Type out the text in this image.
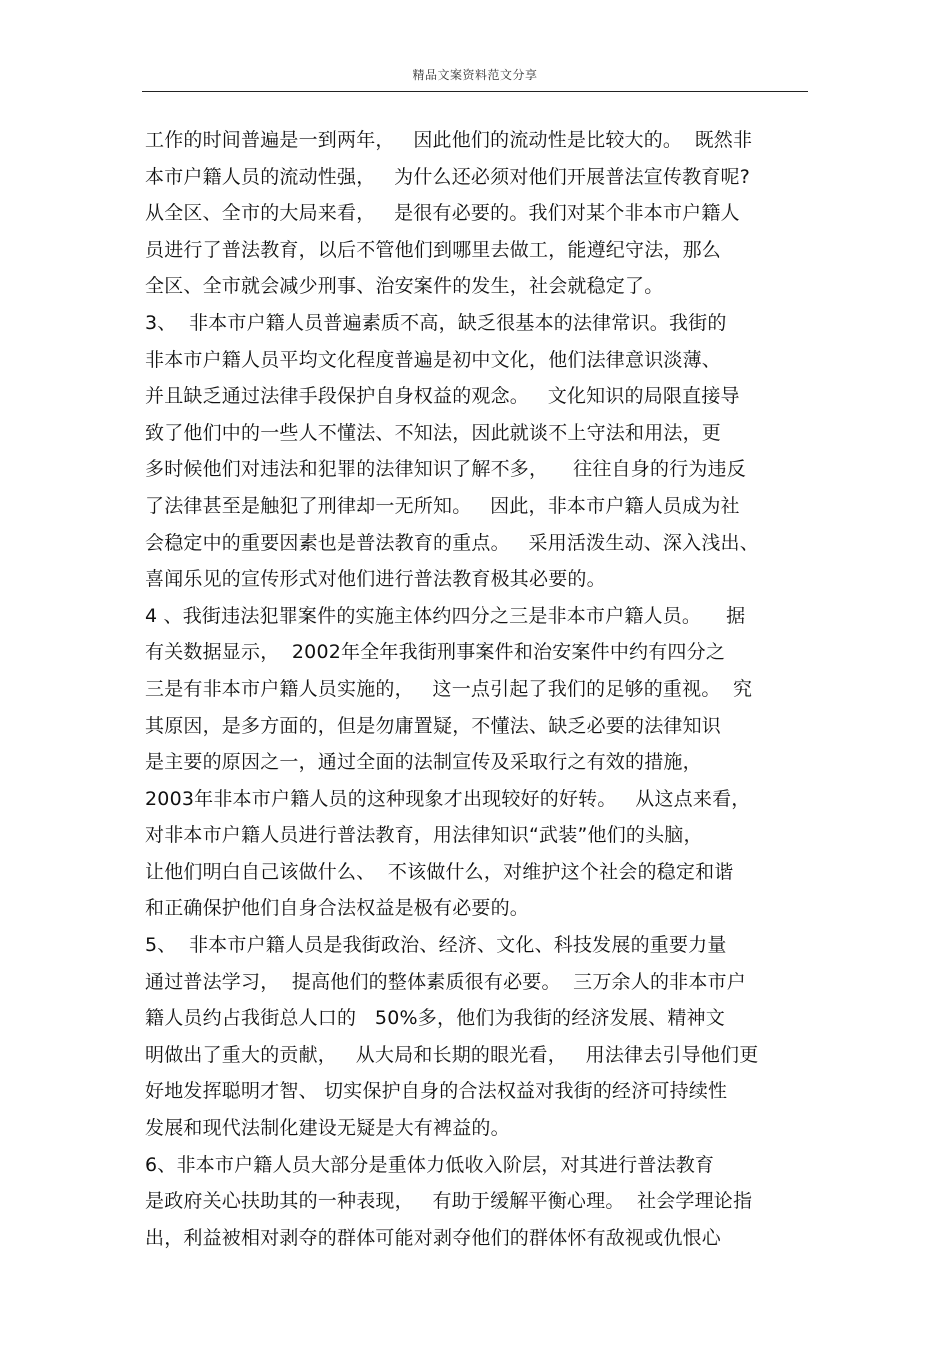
精品文案资料范文分享
工作的时间普遍是一到两年，   因此他们的流动性是比较大的。  既然非
本市户籍人员的流动性强，   为什么还必须对他们开展普法宣传教育呢?
从全区、全市的大局来看，   是很有必要的。我们对某个非本市户籍人
员进行了普法教育，以后不管他们到哪里去做工，能遵纪守法，那么
全区、全市就会减少刑事、治安案件的发生，社会就稳定了。
3、  非本市户籍人员普遍素质不高，缺乏很基本的法律常识。我街的
非本市户籍人员平均文化程度普遍是初中文化，他们法律意识淡薄、
并且缺乏通过法律手段保护自身权益的观念。   文化知识的局限直接导
致了他们中的一些人不懂法、不知法，因此就谈不上守法和用法，更
多时候他们对违法和犯罪的法律知识了解不多，    往往自身的行为违反
了法律甚至是触犯了刑律却一无所知。   因此，非本市户籍人员成为社
会稳定中的重要因素也是普法教育的重点。   采用活泼生动、深入浅出、
喜闻乐见的宣传形式对他们进行普法教育极其必要的。
4 、我街违法犯罪案件的实施主体约四分之三是非本市户籍人员。    据
有关数据显示，  2002年全年我街刑事案件和治安案件中约有四分之
三是有非本市户籍人员实施的，   这一点引起了我们的足够的重视。  究
其原因，是多方面的，但是勿庸置疑，不懂法、缺乏必要的法律知识
是主要的原因之一，通过全面的法制宣传及采取行之有效的措施，
2003年非本市户籍人员的这种现象才出现较好的好转。   从这点来看，
对非本市户籍人员进行普法教育，用法律知识“武装”他们的头脑，
让他们明白自己该做什么、  不该做什么，对维护这个社会的稳定和谐
和正确保护他们自身合法权益是极有必要的。
5、  非本市户籍人员是我街政治、经济、文化、科技发展的重要力量
通过普法学习，  提高他们的整体素质很有必要。  三万余人的非本市户
籍人员约占我街总人口的   50%多，他们为我街的经济发展、精神文
明做出了重大的贡献，   从大局和长期的眼光看，   用法律去引导他们更
好地发挥聪明才智、 切实保护自身的合法权益对我街的经济可持续性
发展和现代法制化建设无疑是大有裨益的。
6、非本市户籍人员大部分是重体力低收入阶层，对其进行普法教育
是政府关心扶助其的一种表现，   有助于缓解平衡心理。  社会学理论指
出，利益被相对剥夺的群体可能对剥夺他们的群体怀有敌视或仇恨心
